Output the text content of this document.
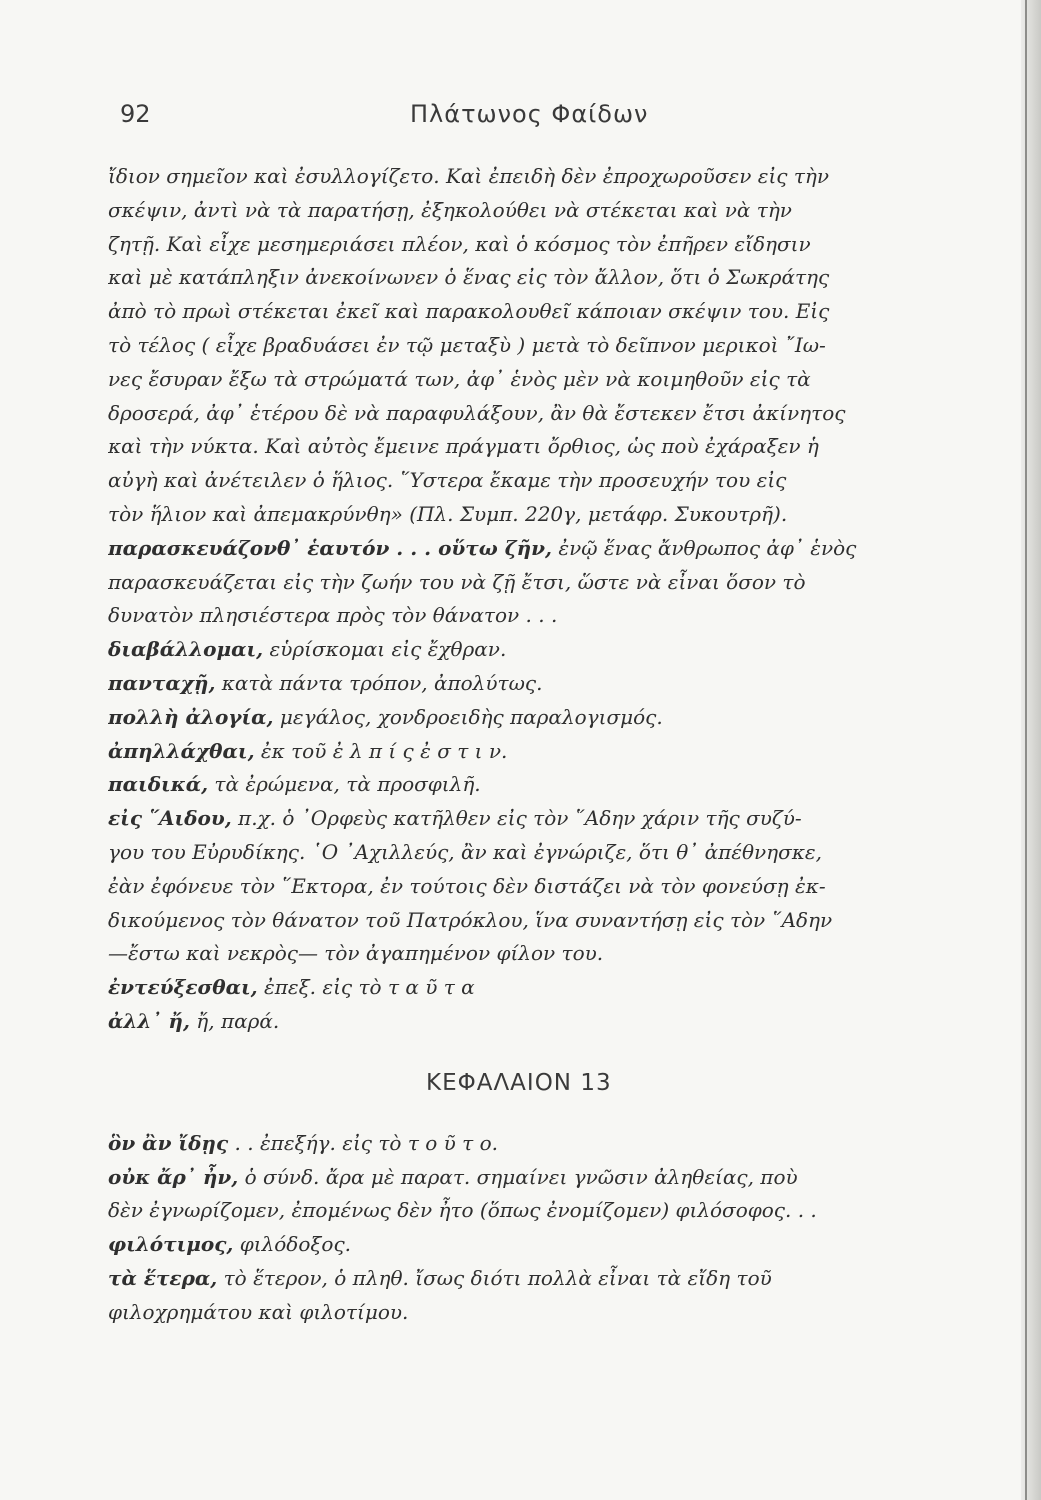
92	Πλάτωνος Φαίδων
ἴδιον σημεῖον καὶ ἐσυλλογίζετο. Καὶ ἐπειδὴ δὲν ἐπροχωροῦσεν εἰς τὴν
σκέψιν, ἀντὶ νὰ τὰ παρατήσῃ, ἐξηκολούθει νὰ στέκεται καὶ νὰ τὴν
ζητῇ. Καὶ εἶχε μεσημεριάσει πλέον, καὶ ὁ κόσμος τὸν ἐπῆρεν εἴδησιν
καὶ μὲ κατάπληξιν ἀνεκοίνωνεν ὁ ἕνας εἰς τὸν ἄλλον, ὅτι ὁ Σωκράτης
ἀπὸ τὸ πρωὶ στέκεται ἐκεῖ καὶ παρακολουθεῖ κάποιαν σκέψιν του. Εἰς
τὸ τέλος ( εἶχε βραδυάσει ἐν τῷ μεταξὺ ) μετὰ τὸ δεῖπνον μερικοὶ ῎Ιω-
νες ἔσυραν ἔξω τὰ στρώματά των, ἀφ᾽ ἑνὸς μὲν νὰ κοιμηθοῦν εἰς τὰ
δροσερά, ἀφ᾽ ἑτέρου δὲ νὰ παραφυλάξουν, ἂν θὰ ἔστεκεν ἔτσι ἀκίνητος
καὶ τὴν νύκτα. Καὶ αὐτὸς ἔμεινε πράγματι ὄρθιος, ὡς ποὺ ἐχάραξεν ἡ
αὐγὴ καὶ ἀνέτειλεν ὁ ἥλιος. ῞Υστερα ἔκαμε τὴν προσευχήν του εἰς
τὸν ἥλιον καὶ ἀπεμακρύνθη» (Πλ. Συμπ. 220γ, μετάφρ. Συκουτρῆ).
παρασκευάζονθ᾽ ἑαυτόν . . . οὕτω ζῆν, ἐνῷ ἕνας ἄνθρωπος ἀφ᾽ ἑνὸς
παρασκευάζεται εἰς τὴν ζωήν του νὰ ζῇ ἔτσι, ὥστε νὰ εἶναι ὅσον τὸ
δυνατὸν πλησιέστερα πρὸς τὸν θάνατον . . .
διαβάλλομαι, εὑρίσκομαι εἰς ἔχθραν.
πανταχῇ, κατὰ πάντα τρόπον, ἀπολύτως.
πολλὴ ἀλογία, μεγάλος, χονδροειδὴς παραλογισμός.
ἀπηλλάχθαι, ἐκ τοῦ ἐ λ π ί ς ἐ σ τ ι ν.
παιδικά, τὰ ἐρώμενα, τὰ προσφιλῆ.
εἰς ῞Αιδου, π.χ. ὁ ᾿Ορφεὺς κατῆλθεν εἰς τὸν ῞Αδην χάριν τῆς συζύ-
γου του Εὐρυδίκης. ῾Ο ᾿Αχιλλεύς, ἂν καὶ ἐγνώριζε, ὅτι θ᾽ ἀπέθνησκε,
ἐὰν ἐφόνευε τὸν ῞Εκτορα, ἐν τούτοις δὲν διστάζει νὰ τὸν φονεύσῃ ἐκ-
δικούμενος τὸν θάνατον τοῦ Πατρόκλου, ἵνα συναντήσῃ εἰς τὸν ῞Αδην
—ἔστω καὶ νεκρὸς— τὸν ἀγαπημένον φίλον του.
ἐντεύξεσθαι, ἐπεξ. εἰς τὸ τ α ῦ τ α
ἀλλ᾽ ἤ, ἤ, παρά.
ΚΕΦΑΛΑΙΟΝ 13
ὃν ἂν ἴδῃς . . ἐπεξήγ. εἰς τὸ τ ο ῦ τ ο.
οὐκ ἄρ᾽ ἦν, ὁ σύνδ. ἄρα μὲ παρατ. σημαίνει γνῶσιν ἀληθείας, ποὺ
δὲν ἐγνωρίζομεν, ἐπομένως δὲν ἦτο (ὅπως ἐνομίζομεν) φιλόσοφος. . .
φιλότιμος, φιλόδοξος.
τὰ ἕτερα, τὸ ἕτερον, ὁ πληθ. ἴσως διότι πολλὰ εἶναι τὰ εἴδη τοῦ
φιλοχρημάτου καὶ φιλοτίμου.
